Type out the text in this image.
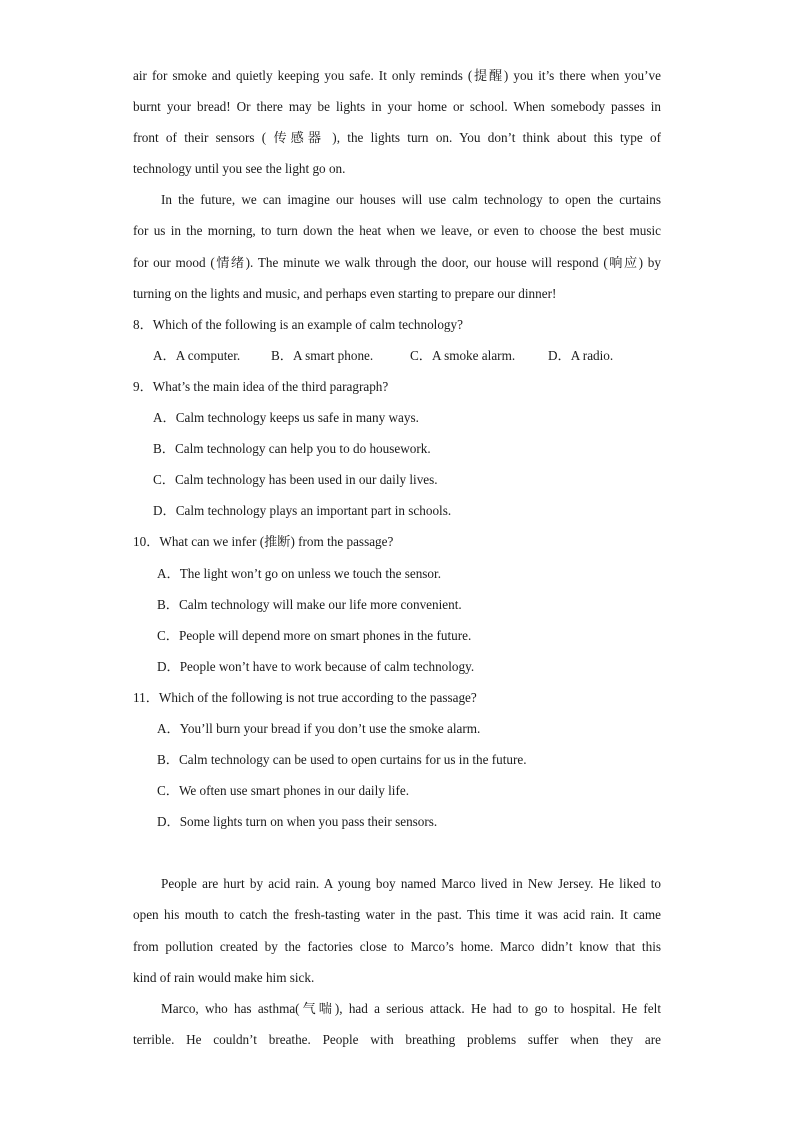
air for smoke and quietly keeping you safe. It only reminds (提醒) you it’s there when you’ve
burnt your bread! Or there may be lights in your home or school. When somebody passes in
front of their sensors ( 传感器 ), the lights turn on. You don’t think about this type of
technology until you see the light go on.
In the future, we can imagine our houses will use calm technology to open the curtains
for us in the morning, to turn down the heat when we leave, or even to choose the best music
for our mood (情绪). The minute we walk through the door, our house will respond (响应) by
turning on the lights and music, and perhaps even starting to prepare our dinner!
8．Which of the following is an example of calm technology?
A．A computer.	B．A smart phone.	C．A smoke alarm.	D．A radio.
9．What’s the main idea of the third paragraph?
A．Calm technology keeps us safe in many ways.
B．Calm technology can help you to do housework.
C．Calm technology has been used in our daily lives.
D．Calm technology plays an important part in schools.
10．What can we infer (推断) from the passage?
A．The light won’t go on unless we touch the sensor.
B．Calm technology will make our life more convenient.
C．People will depend more on smart phones in the future.
D．People won’t have to work because of calm technology.
11．Which of the following is not true according to the passage?
A．You’ll burn your bread if you don’t use the smoke alarm.
B．Calm technology can be used to open curtains for us in the future.
C．We often use smart phones in our daily life.
D．Some lights turn on when you pass their sensors.
People are hurt by acid rain. A young boy named Marco lived in New Jersey. He liked to
open his mouth to catch the fresh-tasting water in the past. This time it was acid rain. It came
from pollution created by the factories close to Marco’s home. Marco didn’t know that this
kind of rain would make him sick.
Marco, who has asthma(气喘), had a serious attack. He had to go to hospital. He felt
terrible. He couldn’t breathe. People with breathing problems suffer when they are
